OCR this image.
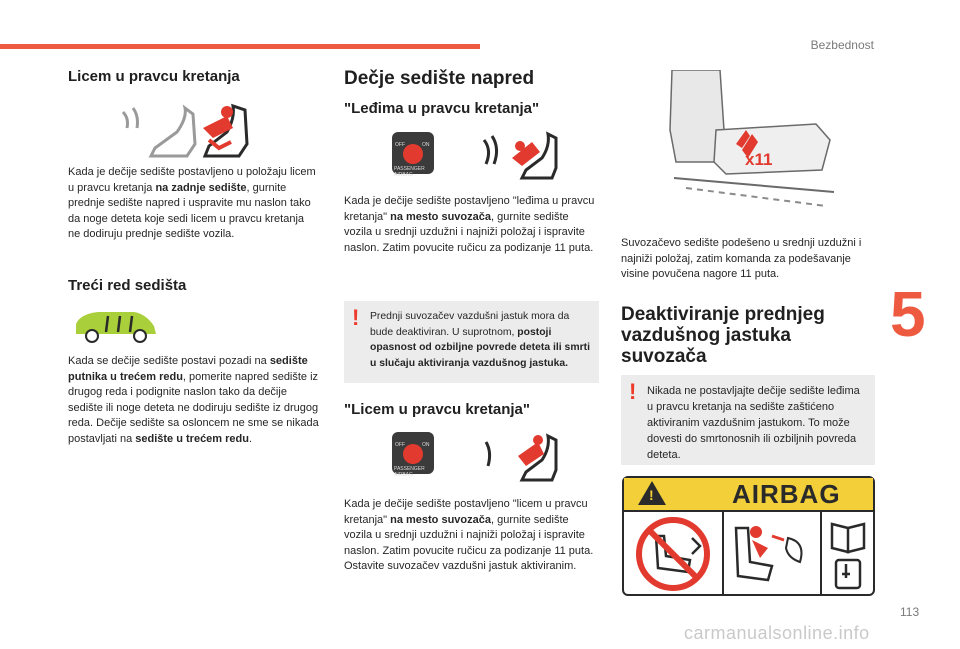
Bezbednost
5
113
carmanualsonline.info
Licem u pravcu kretanja

Kada je dečije sedište postavljeno u položaju licem u pravcu kretanja na zadnje sedište, gurnite prednje sedište napred i uspravite mu naslon tako da noge deteta koje sedi licem u pravcu kretanja ne dodiruju prednje sedište vozila.

Treći red sedišta

Kada se dečije sedište postavi pozadi na sedište putnika u trećem redu, pomerite napred sedište iz drugog reda i podignite naslon tako da dečije sedište ili noge deteta ne dodiruju sedište iz drugog reda. Dečije sedište sa osloncem ne sme se nikada postavljati na sedište u trećem redu.

Dečje sedište napred
"Leđima u pravcu kretanja"
OFF	ON
PASSENGER AIRBAG

Kada je dečije sedište postavljeno "leđima u pravcu kretanja" na mesto suvozača, gurnite sedište vozila u srednji uzdužni i najniži položaj i ispravite naslon. Zatim povucite ručicu za podizanje 11 puta.

! Prednji suvozačev vazdušni jastuk mora da bude deaktiviran. U suprotnom, postoji opasnost od ozbiljne povrede deteta ili smrti u slučaju aktiviranja vazdušnog jastuka.
"Licem u pravcu kretanja"
OFF	ON
PASSENGER AIRBAG

Kada je dečije sedište postavljeno "licem u pravcu kretanja" na mesto suvozača, gurnite sedište vozila u srednji uzdužni i najniži položaj i ispravite naslon. Zatim povucite ručicu za podizanje 11 puta. Ostavite suvozačev vazdušni jastuk aktiviranim.

x11

Suvozačevo sedište podešeno u srednji uzdužni i najniži položaj, zatim komanda za podešavanje visine povučena nagore 11 puta.

Deaktiviranje prednjeg vazdušnog jastuka suvozača
! Nikada ne postavljajte dečije sedište leđima u pravcu kretanja na sedište zaštićeno aktiviranim vazdušnim jastukom. To može dovesti do smrtonosnih ili ozbiljnih povreda deteta.
!	AIRBAG
